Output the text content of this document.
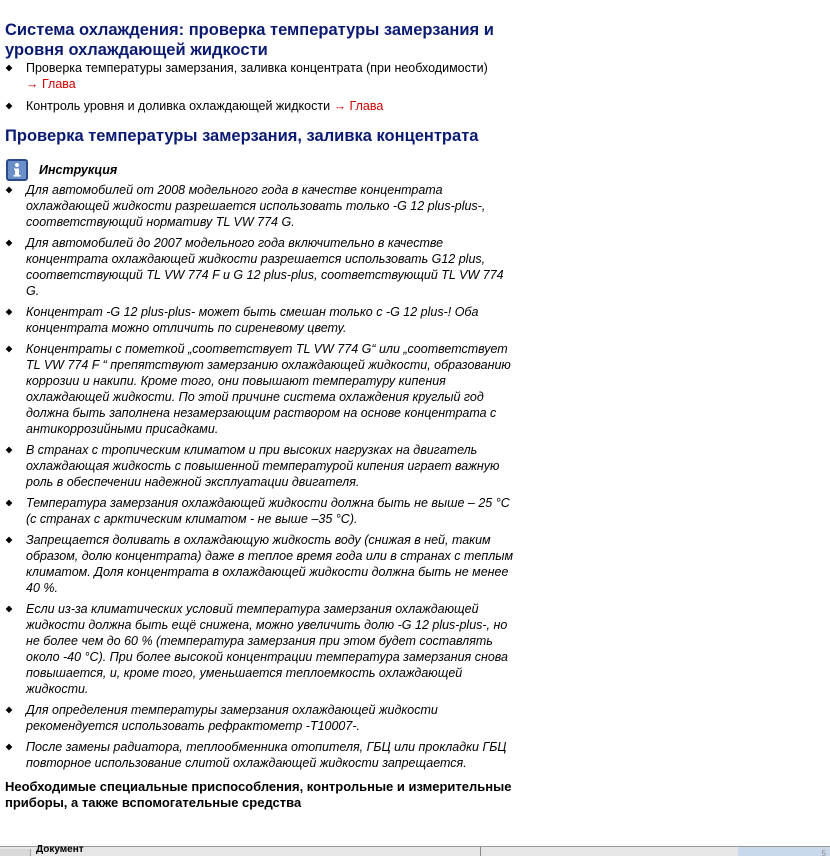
Система охлаждения: проверка температуры замерзания и уровня охлаждающей жидкости
Проверка температуры замерзания, заливка концентрата (при необходимости)
→ Глава
Контроль уровня и доливка охлаждающей жидкости → Глава
Проверка температуры замерзания, заливка концентрата
Инструкция
Для автомобилей от 2008 модельного года в качестве концентрата охлаждающей жидкости разрешается использовать только -G 12 plus-plus-, соответствующий нормативу TL VW 774 G.
Для автомобилей до 2007 модельного года включительно в качестве концентрата охлаждающей жидкости разрешается использовать G12 plus, соответствующий TL VW 774 F и G 12 plus-plus, соответствующий TL VW 774 G.
Концентрат -G 12 plus-plus- может быть смешан только с -G 12 plus-! Оба концентрата можно отличить по сиреневому цвету.
Концентраты с пометкой „соответствует TL VW 774 G“ или „соответствует TL VW 774 F “ препятствуют замерзанию охлаждающей жидкости, образованию коррозии и накипи. Кроме того, они повышают температуру кипения охлаждающей жидкости. По этой причине система охлаждения круглый год должна быть заполнена незамерзающим раствором на основе концентрата с антикоррозийными присадками.
В странах с тропическим климатом и при высоких нагрузках на двигатель охлаждающая жидкость с повышенной температурой кипения играет важную роль в обеспечении надежной эксплуатации двигателя.
Температура замерзания охлаждающей жидкости должна быть не выше – 25 °C (с странах с арктическим климатом - не выше –35 °C).
Запрещается доливать в охлаждающую жидкость воду (снижая в ней, таким образом, долю концентрата) даже в теплое время года или в странах с теплым климатом. Доля концентрата в охлаждающей жидкости должна быть не менее 40 %.
Если из-за климатических условий температура замерзания охлаждающей жидкости должна быть ещё снижена, можно увеличить долю -G 12 plus-plus-, но не более чем до 60 % (температура замерзания при этом будет составлять около -40 °C). При более высокой концентрации температура замерзания снова повышается, и, кроме того, уменьшается теплоемкость охлаждающей жидкости.
Для определения температуры замерзания охлаждающей жидкости рекомендуется использовать рефрактометр -T10007-.
После замены радиатора, теплообменника отопителя, ГБЦ или прокладки ГБЦ повторное использование слитой охлаждающей жидкости запрещается.
Необходимые специальные приспособления, контрольные и измерительные приборы, а также вспомогательные средства
Документ	5
